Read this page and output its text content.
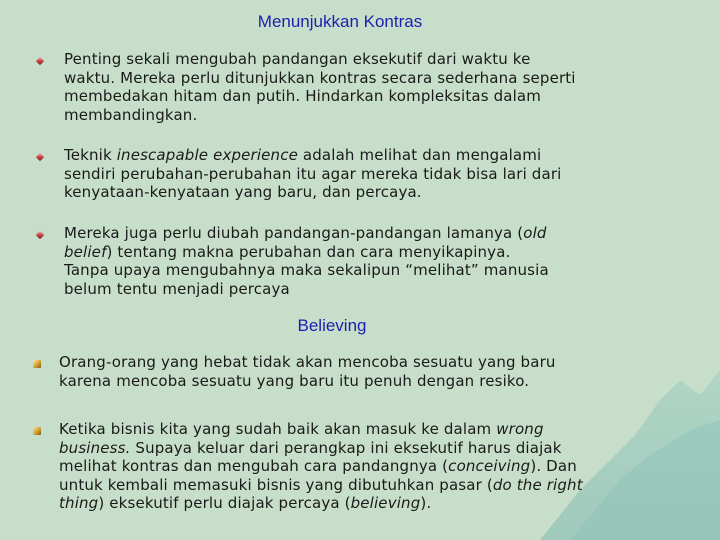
Menunjukkan Kontras
Penting sekali mengubah pandangan eksekutif dari waktu ke
waktu. Mereka perlu ditunjukkan kontras secara sederhana seperti
membedakan hitam dan putih. Hindarkan kompleksitas dalam
membandingkan.
Teknik inescapable experience adalah melihat dan mengalami
sendiri perubahan-perubahan itu agar mereka tidak bisa lari dari
kenyataan-kenyataan yang baru, dan percaya.
Mereka juga perlu diubah pandangan-pandangan lamanya (old
belief) tentang makna perubahan dan cara menyikapinya.
Tanpa upaya mengubahnya maka sekalipun “melihat” manusia
belum tentu menjadi percaya
Believing
Orang-orang yang hebat tidak akan mencoba sesuatu yang baru
karena mencoba sesuatu yang baru itu penuh dengan resiko.
Ketika bisnis kita yang sudah baik akan masuk ke dalam wrong
business. Supaya keluar dari perangkap ini eksekutif harus diajak
melihat kontras dan mengubah cara pandangnya (conceiving). Dan
untuk kembali memasuki bisnis yang dibutuhkan pasar (do the right
thing) eksekutif perlu diajak percaya (believing).
